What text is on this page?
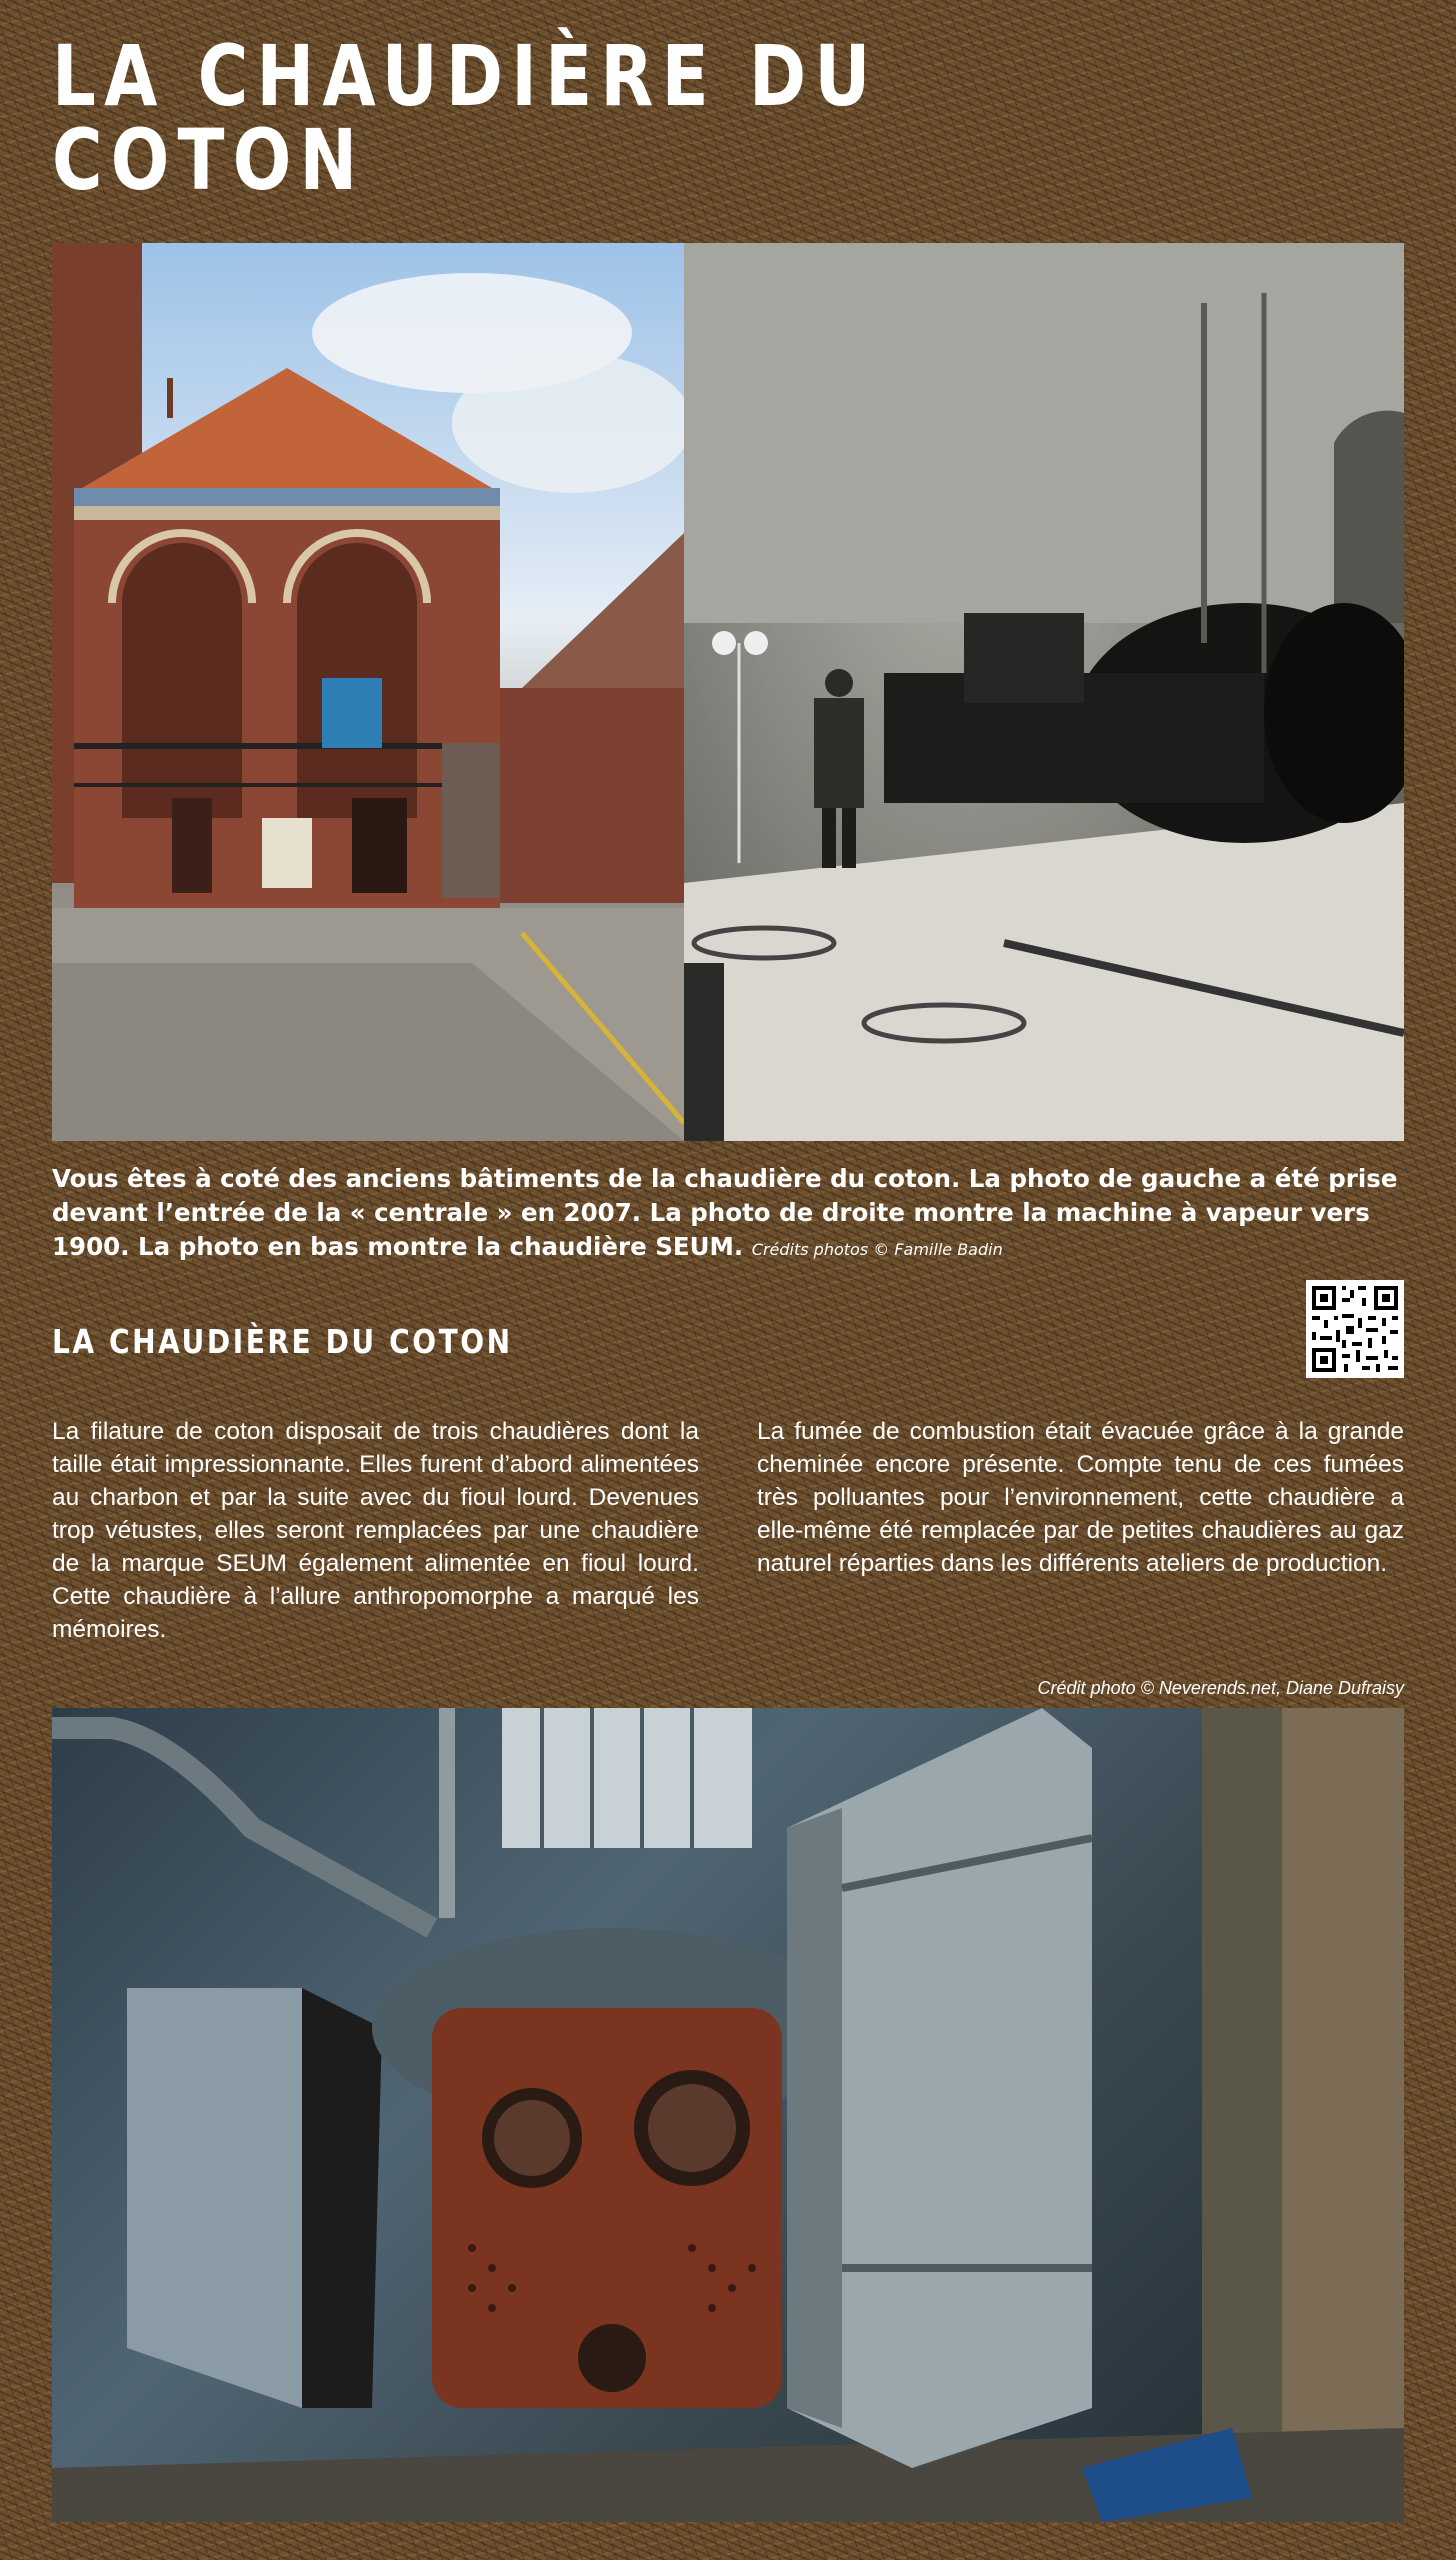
LA CHAUDIÈRE DU COTON

Vous êtes à coté des anciens bâtiments de la chaudière du coton. La photo de gauche a été prise devant l’entrée de la « centrale » en 2007. La photo de droite montre la machine à vapeur vers 1900. La photo en bas montre la chaudière SEUM. Crédits photos © Famille Badin

LA CHAUDIÈRE DU COTON

La filature de coton disposait de trois chaudières dont la taille était impressionnante. Elles furent d’abord alimentées au charbon et par la suite avec du fioul lourd. Devenues trop vétustes, elles seront remplacées par une chaudière de la marque SEUM également alimentée en fioul lourd. Cette chaudière à l’allure anthropomorphe a marqué les mémoires.

La fumée de combustion était évacuée grâce à la grande cheminée encore présente. Compte tenu de ces fumées très polluantes pour l’environnement, cette chaudière a elle-même été remplacée par de petites chaudières au gaz naturel réparties dans les différents ateliers de production.

Crédit photo © Neverends.net, Diane Dufraisy
